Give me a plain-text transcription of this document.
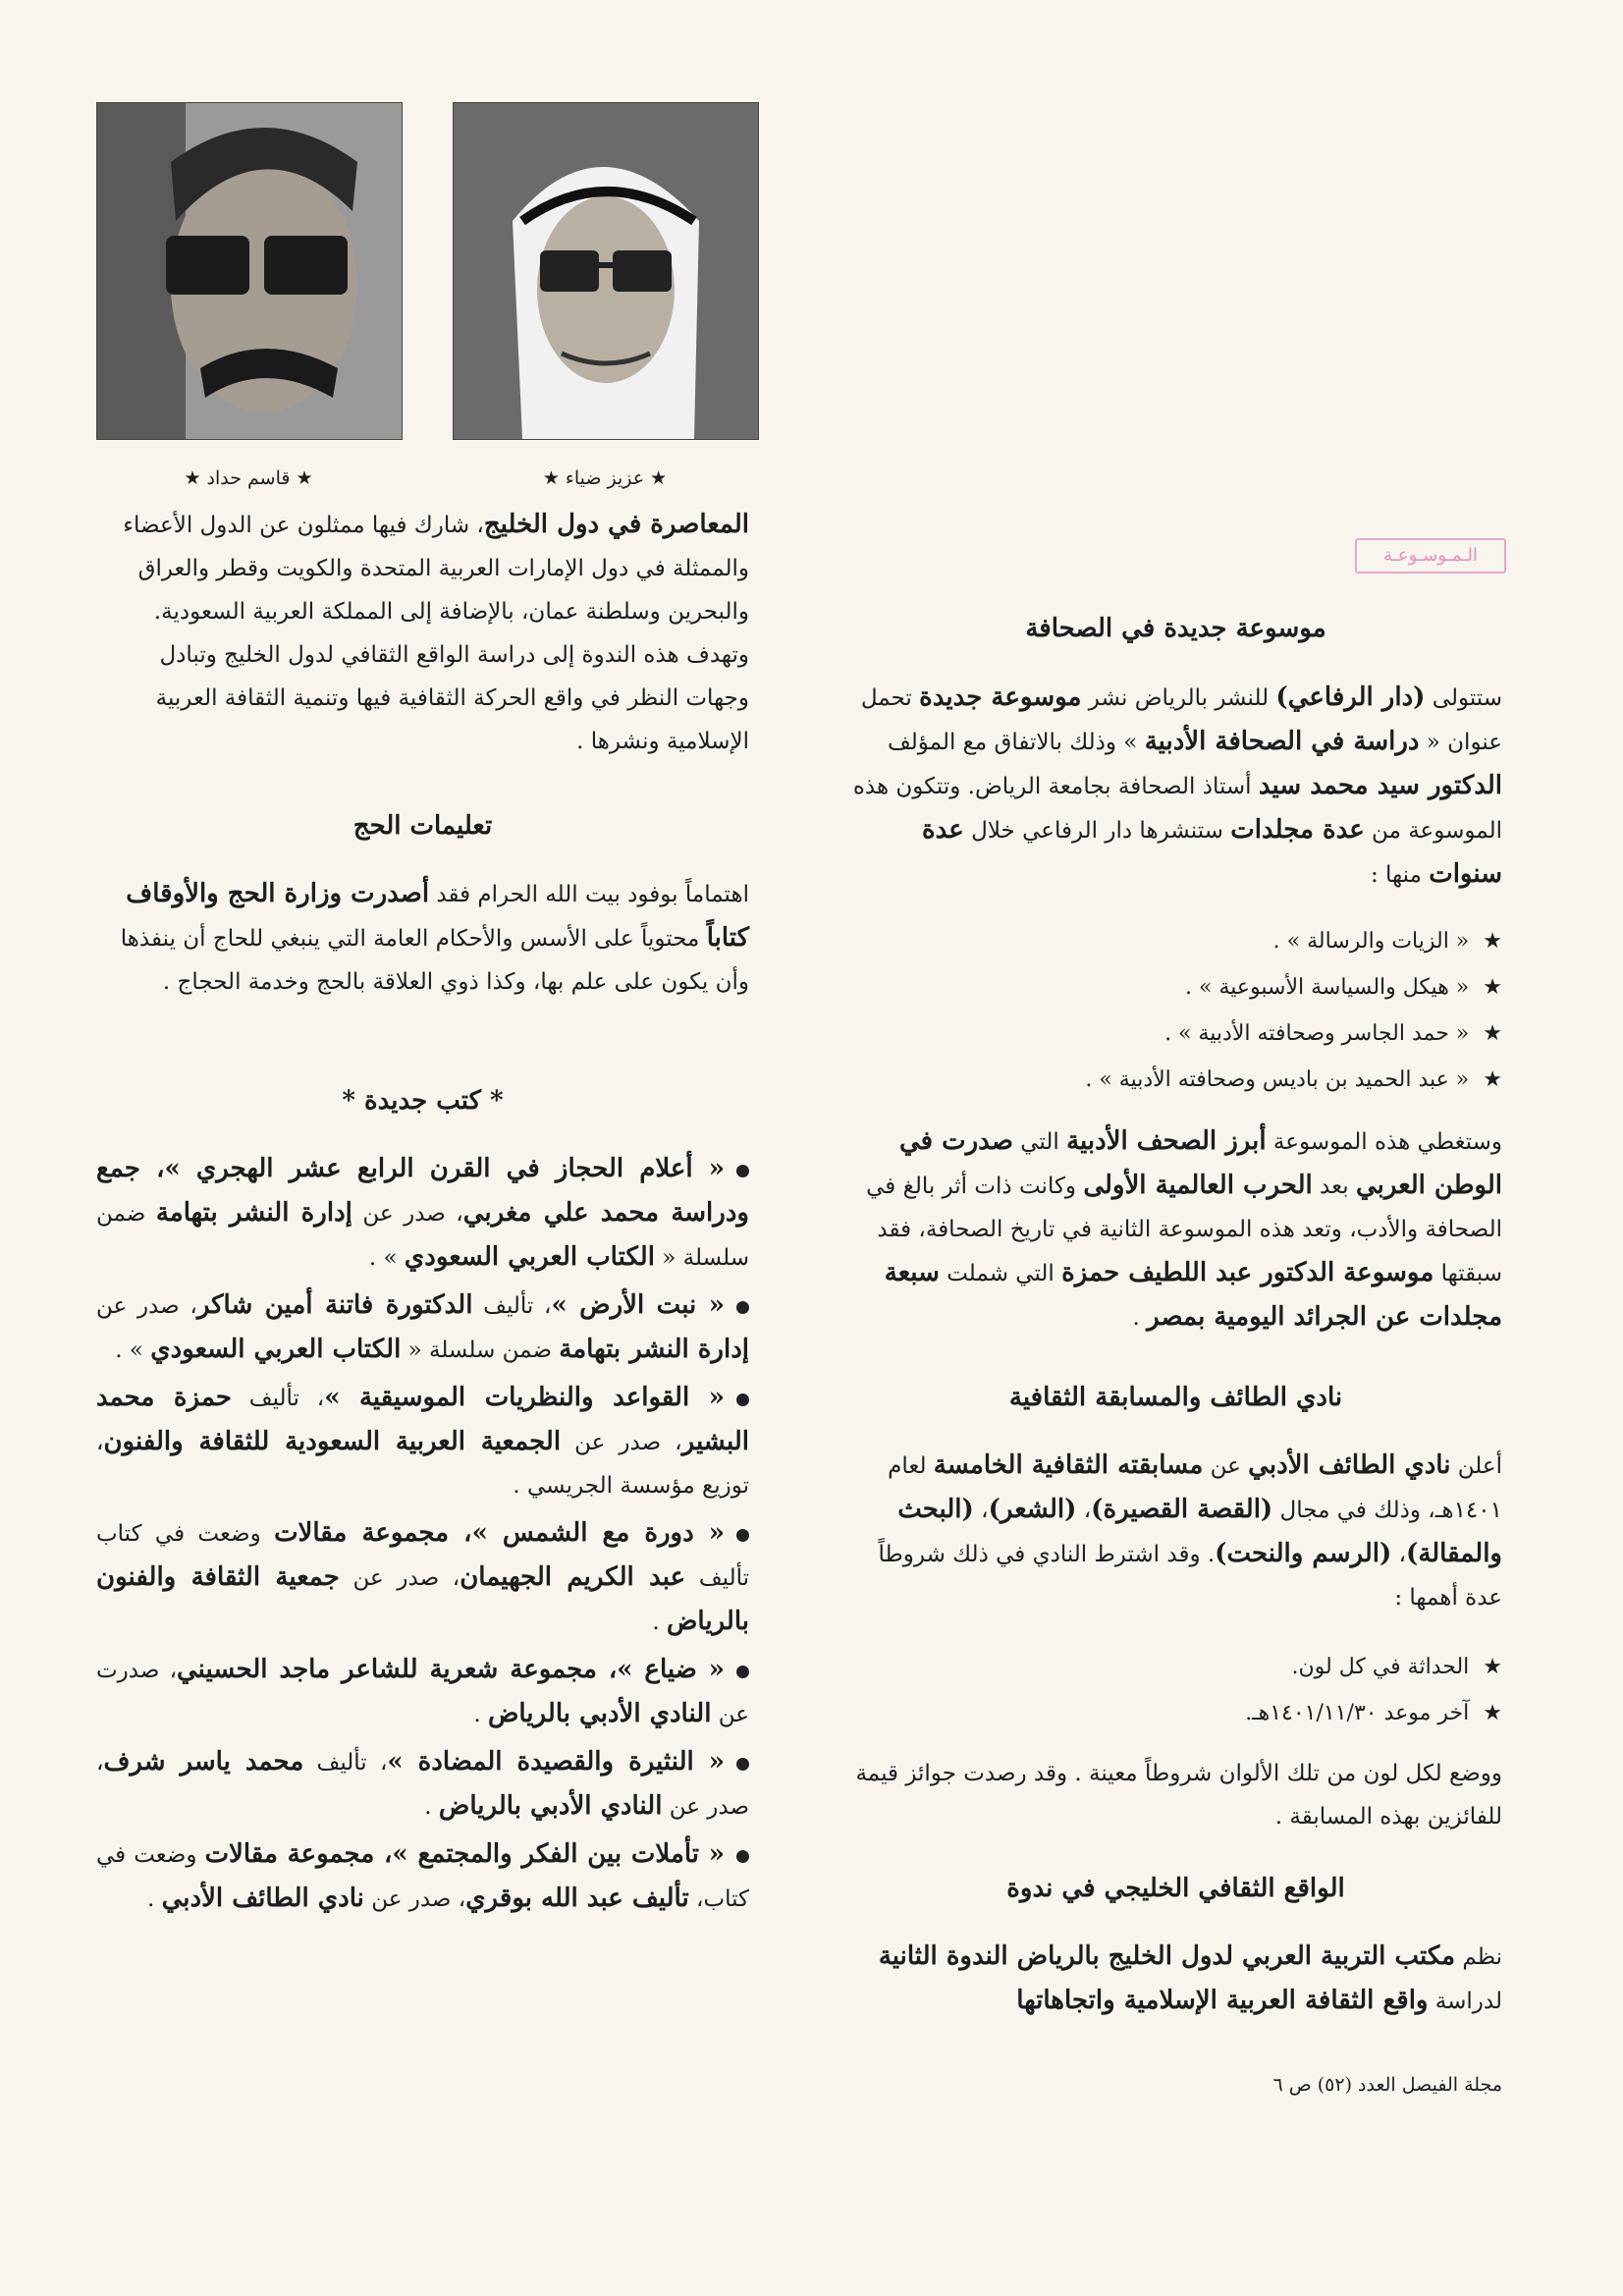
★ عزيز ضياء ★
★ قاسم حداد ★
الـمـوسـوعـة
موسوعة جديدة في الصحافة

ستتولى (دار الرفاعي) للنشر بالرياض نشر موسوعة جديدة تحمل عنوان « دراسة في الصحافة الأدبية » وذلك بالاتفاق مع المؤلف الدكتور سيد محمد سيد أستاذ الصحافة بجامعة الرياض. وتتكون هذه الموسوعة من عدة مجلدات ستنشرها دار الرفاعي خلال عدة سنوات منها :

★« الزيات والرسالة » .
★« هيكل والسياسة الأسبوعية » .
★« حمد الجاسر وصحافته الأدبية » .
★« عبد الحميد بن باديس وصحافته الأدبية » .

وستغطي هذه الموسوعة أبرز الصحف الأدبية التي صدرت في الوطن العربي بعد الحرب العالمية الأولى وكانت ذات أثر بالغ في الصحافة والأدب، وتعد هذه الموسوعة الثانية في تاريخ الصحافة، فقد سبقتها موسوعة الدكتور عبد اللطيف حمزة التي شملت سبعة مجلدات عن الجرائد اليومية بمصر .

نادي الطائف والمسابقة الثقافية

أعلن نادي الطائف الأدبي عن مسابقته الثقافية الخامسة لعام ١٤٠١هـ، وذلك في مجال (القصة القصيرة)، (الشعر)، (البحث والمقالة)، (الرسم والنحت). وقد اشترط النادي في ذلك شروطاً عدة أهمها :

★الحداثة في كل لون.
★آخر موعد ١٤٠١/١١/٣٠هـ.

ووضع لكل لون من تلك الألوان شروطاً معينة . وقد رصدت جوائز قيمة للفائزين بهذه المسابقة .

الواقع الثقافي الخليجي في ندوة

نظم مكتب التربية العربي لدول الخليج بالرياض الندوة الثانية لدراسة واقع الثقافة العربية الإسلامية واتجاهاتها

مجلة الفيصل العدد (٥٢) ص ٦

المعاصرة في دول الخليج، شارك فيها ممثلون عن الدول الأعضاء والممثلة في دول الإمارات العربية المتحدة والكويت وقطر والعراق والبحرين وسلطنة عمان، بالإضافة إلى المملكة العربية السعودية. وتهدف هذه الندوة إلى دراسة الواقع الثقافي لدول الخليج وتبادل وجهات النظر في واقع الحركة الثقافية فيها وتنمية الثقافة العربية الإسلامية ونشرها .

تعليمات الحج

اهتماماً بوفود بيت الله الحرام فقد أصدرت وزارة الحج والأوقاف كتاباً محتوياً على الأسس والأحكام العامة التي ينبغي للحاج أن ينفذها وأن يكون على علم بها، وكذا ذوي العلاقة بالحج وخدمة الحجاج .

* كتب جديدة *
« أعلام الحجاز في القرن الرابع عشر الهجري »، جمع ودراسة محمد علي مغربي، صدر عن إدارة النشر بتهامة ضمن سلسلة « الكتاب العربي السعودي » .
« نبت الأرض »، تأليف الدكتورة فاتنة أمين شاكر، صدر عن إدارة النشر بتهامة ضمن سلسلة « الكتاب العربي السعودي » .
« القواعد والنظريات الموسيقية »، تأليف حمزة محمد البشير، صدر عن الجمعية العربية السعودية للثقافة والفنون، توزيع مؤسسة الجريسي .
« دورة مع الشمس »، مجموعة مقالات وضعت في كتاب تأليف عبد الكريم الجهيمان، صدر عن جمعية الثقافة والفنون بالرياض .
« ضياع »، مجموعة شعرية للشاعر ماجد الحسيني، صدرت عن النادي الأدبي بالرياض .
« النثيرة والقصيدة المضادة »، تأليف محمد ياسر شرف، صدر عن النادي الأدبي بالرياض .
« تأملات بين الفكر والمجتمع »، مجموعة مقالات وضعت في كتاب، تأليف عبد الله بوقري، صدر عن نادي الطائف الأدبي .
